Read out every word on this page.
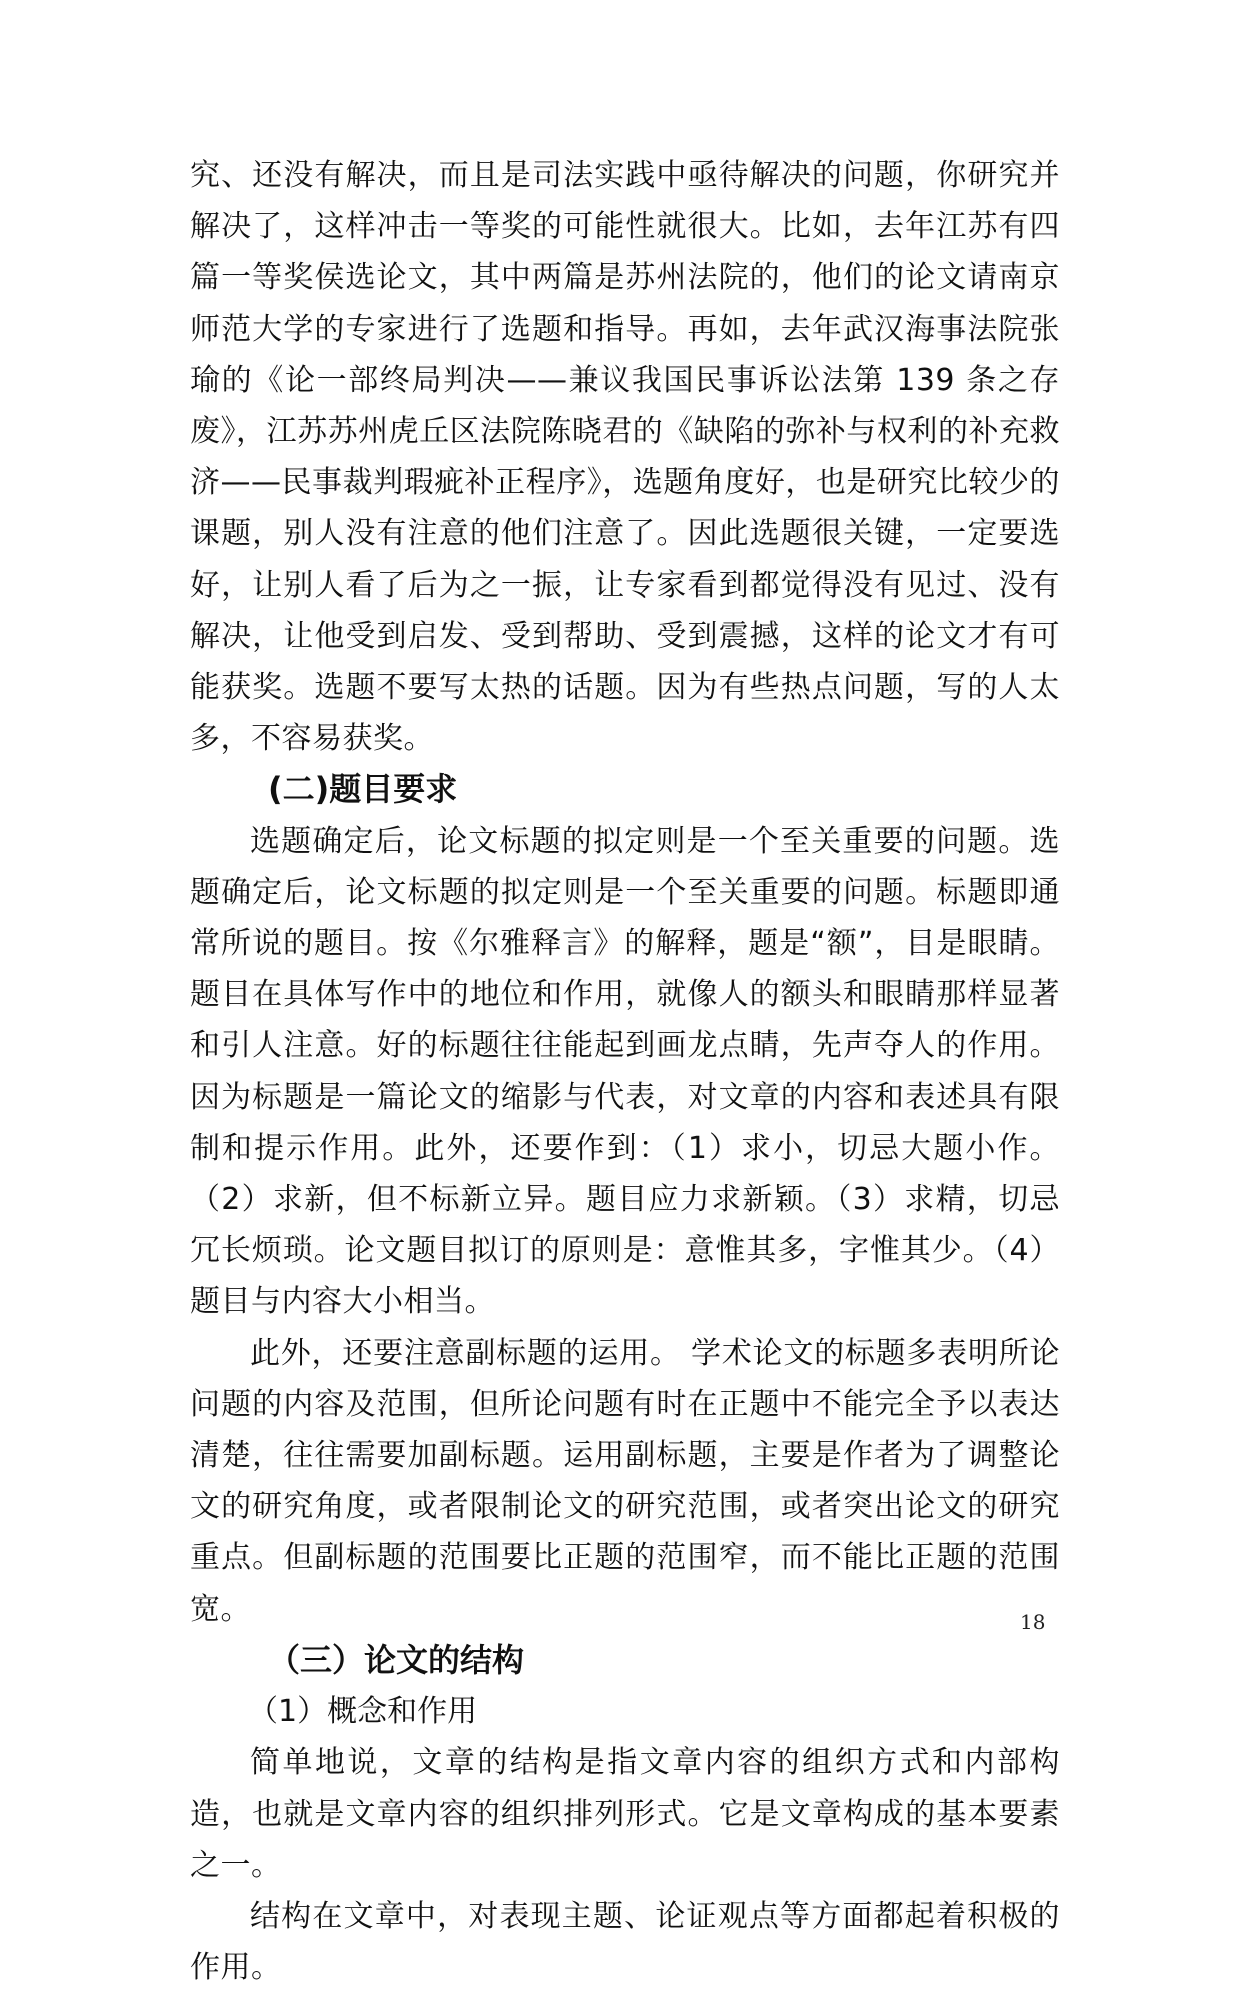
究、还没有解决，而且是司法实践中亟待解决的问题，你研究并解决了，这样冲击一等奖的可能性就很大。比如，去年江苏有四篇一等奖侯选论文，其中两篇是苏州法院的，他们的论文请南京师范大学的专家进行了选题和指导。再如，去年武汉海事法院张瑜的《论一部终局判决——兼议我国民事诉讼法第 139 条之存废》，江苏苏州虎丘区法院陈晓君的《缺陷的弥补与权利的补充救济——民事裁判瑕疵补正程序》，选题角度好，也是研究比较少的课题，别人没有注意的他们注意了。因此选题很关键，一定要选好，让别人看了后为之一振，让专家看到都觉得没有见过、没有解决，让他受到启发、受到帮助、受到震撼，这样的论文才有可能获奖。选题不要写太热的话题。因为有些热点问题，写的人太多，不容易获奖。

(二)题目要求

选题确定后，论文标题的拟定则是一个至关重要的问题。选题确定后，论文标题的拟定则是一个至关重要的问题。标题即通常所说的题目。按《尔雅释言》的解释，题是“额”，目是眼睛。题目在具体写作中的地位和作用，就像人的额头和眼睛那样显著和引人注意。好的标题往往能起到画龙点睛，先声夺人的作用。因为标题是一篇论文的缩影与代表，对文章的内容和表述具有限制和提示作用。此外，还要作到：（1）求小，切忌大题小作。（2）求新，但不标新立异。题目应力求新颖。（3）求精，切忌冗长烦琐。论文题目拟订的原则是：意惟其多，字惟其少。（4）题目与内容大小相当。

此外，还要注意副标题的运用。 学术论文的标题多表明所论问题的内容及范围，但所论问题有时在正题中不能完全予以表达清楚，往往需要加副标题。运用副标题，主要是作者为了调整论文的研究角度，或者限制论文的研究范围，或者突出论文的研究重点。但副标题的范围要比正题的范围窄，而不能比正题的范围宽。

（三）论文的结构

（1）概念和作用

简单地说，文章的结构是指文章内容的组织方式和内部构造，也就是文章内容的组织排列形式。它是文章构成的基本要素之一。

结构在文章中，对表现主题、论证观点等方面都起着积极的作用。

18
